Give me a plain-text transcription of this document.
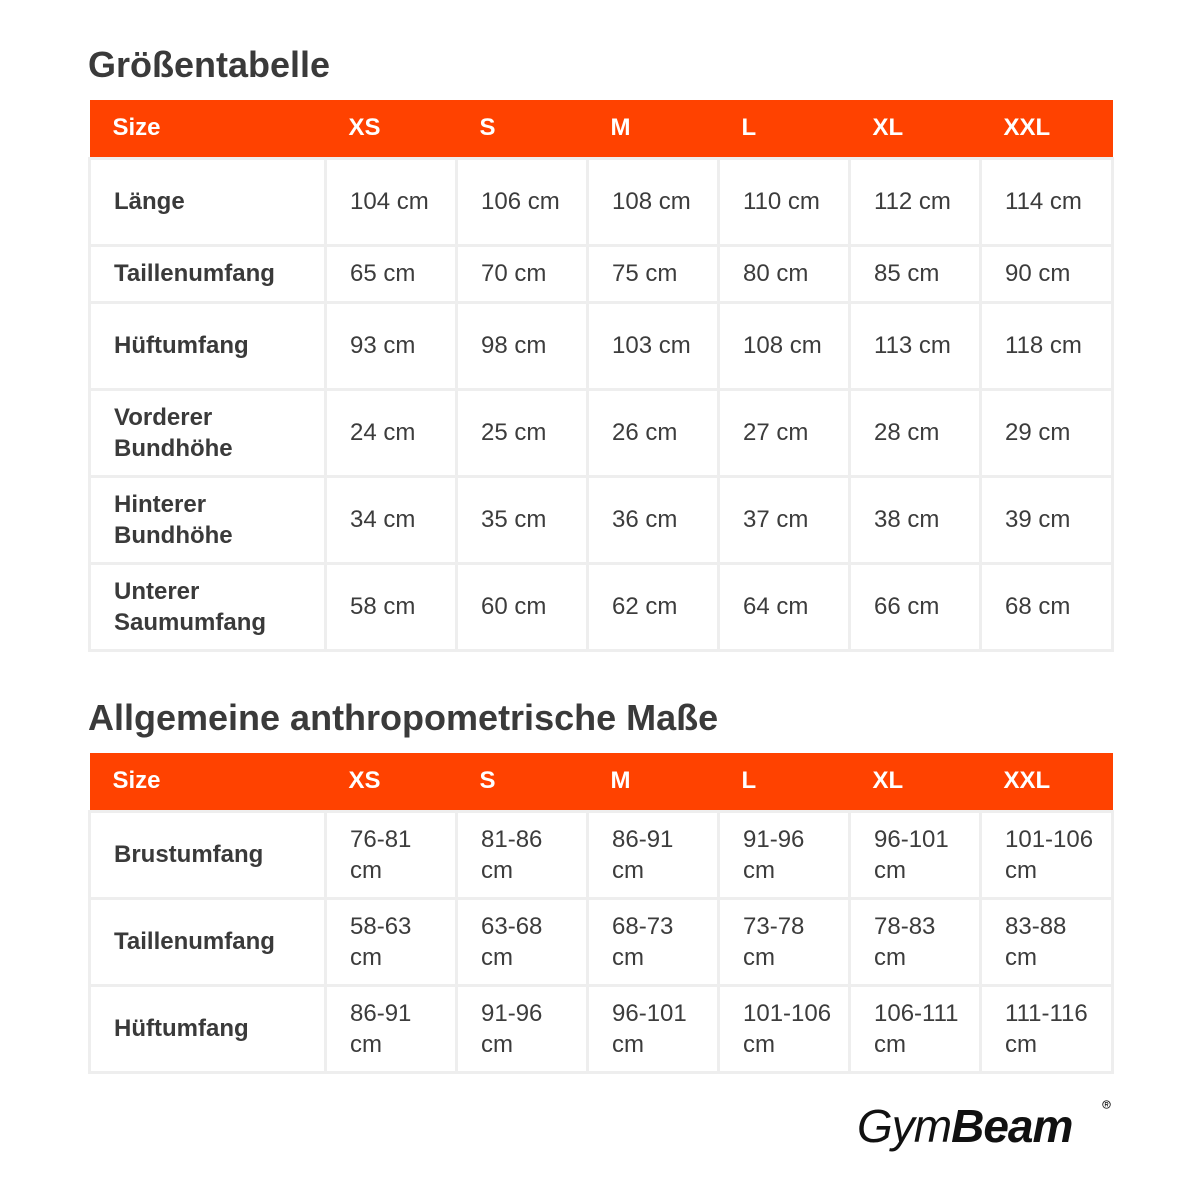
Größentabelle
Size	XS	S	M	L	XL	XXL
Länge	104 cm	106 cm	108 cm	110 cm	112 cm	114 cm
Taillenumfang	65 cm	70 cm	75 cm	80 cm	85 cm	90 cm
Hüftumfang	93 cm	98 cm	103 cm	108 cm	113 cm	118 cm
Vorderer Bundhöhe	24 cm	25 cm	26 cm	27 cm	28 cm	29 cm
Hinterer Bundhöhe	34 cm	35 cm	36 cm	37 cm	38 cm	39 cm
Unterer Saumumfang	58 cm	60 cm	62 cm	64 cm	66 cm	68 cm
Allgemeine anthropometrische Maße
Size	XS	S	M	L	XL	XXL
Brustumfang	76-81 cm	81-86 cm	86-91 cm	91-96 cm	96-101 cm	101-106 cm
Taillenumfang	58-63 cm	63-68 cm	68-73 cm	73-78 cm	78-83 cm	83-88 cm
Hüftumfang	86-91 cm	91-96 cm	96-101 cm	101-106 cm	106-111 cm	111-116 cm
GymBeam
